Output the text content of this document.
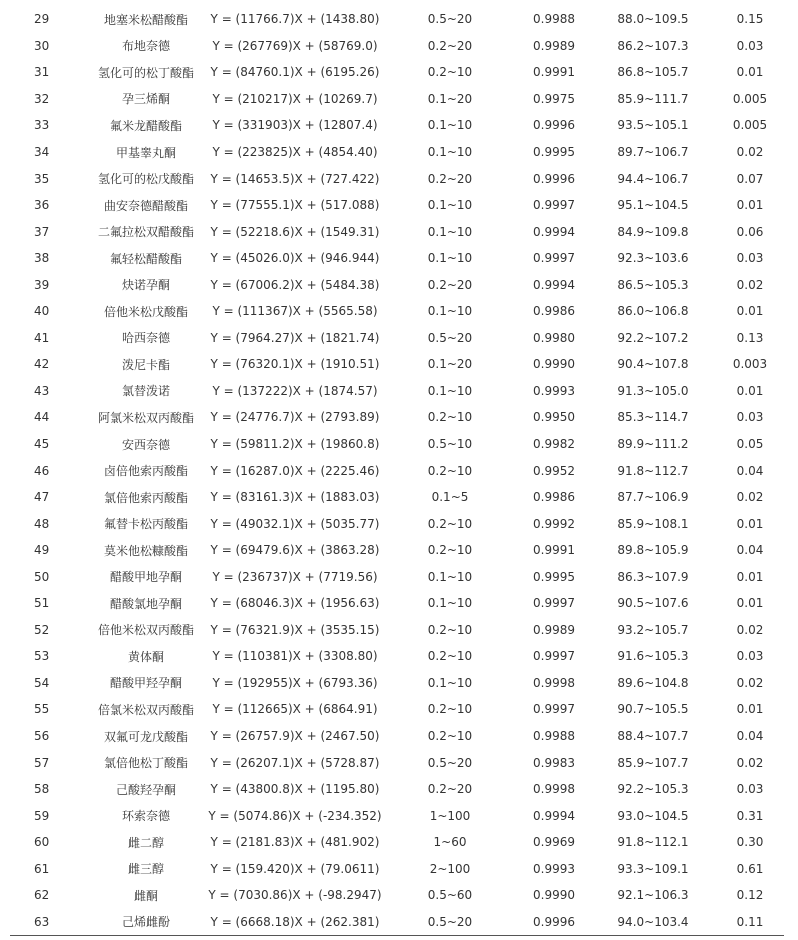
29	地塞米松醋酸酯	Y = (11766.7)X + (1438.80)	0.5~20	0.9988	88.0~109.5	0.15
30	布地奈德	Y = (267769)X + (58769.0)	0.2~20	0.9989	86.2~107.3	0.03
31	氢化可的松丁酸酯	Y = (84760.1)X + (6195.26)	0.2~10	0.9991	86.8~105.7	0.01
32	孕三烯酮	Y = (210217)X + (10269.7)	0.1~20	0.9975	85.9~111.7	0.005
33	氟米龙醋酸酯	Y = (331903)X + (12807.4)	0.1~10	0.9996	93.5~105.1	0.005
34	甲基睾丸酮	Y = (223825)X + (4854.40)	0.1~10	0.9995	89.7~106.7	0.02
35	氢化可的松戊酸酯	Y = (14653.5)X + (727.422)	0.2~20	0.9996	94.4~106.7	0.07
36	曲安奈德醋酸酯	Y = (77555.1)X + (517.088)	0.1~10	0.9997	95.1~104.5	0.01
37	二氟拉松双醋酸酯	Y = (52218.6)X + (1549.31)	0.1~10	0.9994	84.9~109.8	0.06
38	氟轻松醋酸酯	Y = (45026.0)X + (946.944)	0.1~10	0.9997	92.3~103.6	0.03
39	炔诺孕酮	Y = (67006.2)X + (5484.38)	0.2~20	0.9994	86.5~105.3	0.02
40	倍他米松戊酸酯	Y = (111367)X + (5565.58)	0.1~10	0.9986	86.0~106.8	0.01
41	哈西奈德	Y = (7964.27)X + (1821.74)	0.5~20	0.9980	92.2~107.2	0.13
42	泼尼卡酯	Y = (76320.1)X + (1910.51)	0.1~20	0.9990	90.4~107.8	0.003
43	氯替泼诺	Y = (137222)X + (1874.57)	0.1~10	0.9993	91.3~105.0	0.01
44	阿氯米松双丙酸酯	Y = (24776.7)X + (2793.89)	0.2~10	0.9950	85.3~114.7	0.03
45	安西奈德	Y = (59811.2)X + (19860.8)	0.5~10	0.9982	89.9~111.2	0.05
46	卤倍他索丙酸酯	Y = (16287.0)X + (2225.46)	0.2~10	0.9952	91.8~112.7	0.04
47	氯倍他索丙酸酯	Y = (83161.3)X + (1883.03)	0.1~5	0.9986	87.7~106.9	0.02
48	氟替卡松丙酸酯	Y = (49032.1)X + (5035.77)	0.2~10	0.9992	85.9~108.1	0.01
49	莫米他松糠酸酯	Y = (69479.6)X + (3863.28)	0.2~10	0.9991	89.8~105.9	0.04
50	醋酸甲地孕酮	Y = (236737)X + (7719.56)	0.1~10	0.9995	86.3~107.9	0.01
51	醋酸氯地孕酮	Y = (68046.3)X + (1956.63)	0.1~10	0.9997	90.5~107.6	0.01
52	倍他米松双丙酸酯	Y = (76321.9)X + (3535.15)	0.2~10	0.9989	93.2~105.7	0.02
53	黄体酮	Y = (110381)X + (3308.80)	0.2~10	0.9997	91.6~105.3	0.03
54	醋酸甲羟孕酮	Y = (192955)X + (6793.36)	0.1~10	0.9998	89.6~104.8	0.02
55	倍氯米松双丙酸酯	Y = (112665)X + (6864.91)	0.2~10	0.9997	90.7~105.5	0.01
56	双氟可龙戊酸酯	Y = (26757.9)X + (2467.50)	0.2~10	0.9988	88.4~107.7	0.04
57	氯倍他松丁酸酯	Y = (26207.1)X + (5728.87)	0.5~20	0.9983	85.9~107.7	0.02
58	己酸羟孕酮	Y = (43800.8)X + (1195.80)	0.2~20	0.9998	92.2~105.3	0.03
59	环索奈德	Y = (5074.86)X + (-234.352)	1~100	0.9994	93.0~104.5	0.31
60	雌二醇	Y = (2181.83)X + (481.902)	1~60	0.9969	91.8~112.1	0.30
61	雌三醇	Y = (159.420)X + (79.0611)	2~100	0.9993	93.3~109.1	0.61
62	雌酮	Y = (7030.86)X + (-98.2947)	0.5~60	0.9990	92.1~106.3	0.12
63	己烯雌酚	Y = (6668.18)X + (262.381)	0.5~20	0.9996	94.0~103.4	0.11
